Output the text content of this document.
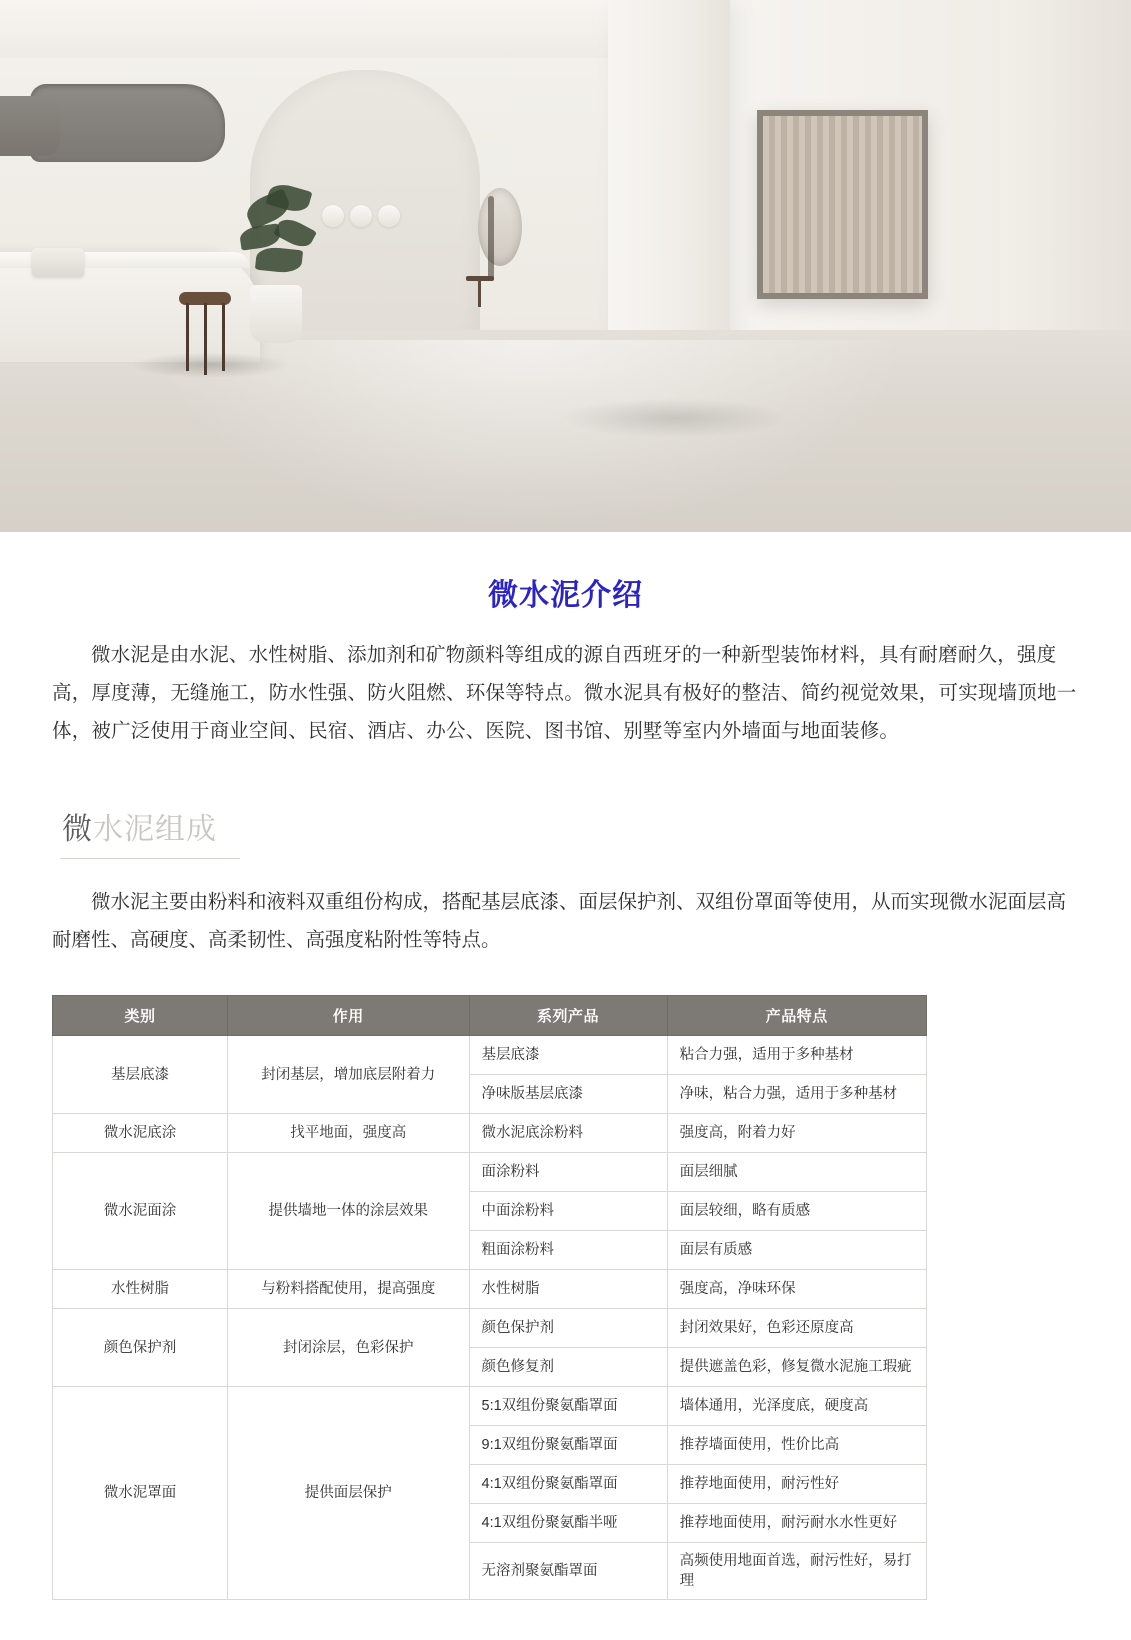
微水泥介绍

微水泥是由水泥、水性树脂、添加剂和矿物颜料等组成的源自西班牙的一种新型装饰材料，具有耐磨耐久，强度高，厚度薄，无缝施工，防水性强、防火阻燃、环保等特点。微水泥具有极好的整洁、简约视觉效果，可实现墙顶地一体，被广泛使用于商业空间、民宿、酒店、办公、医院、图书馆、别墅等室内外墙面与地面装修。

微水泥组成

微水泥主要由粉料和液料双重组份构成，搭配基层底漆、面层保护剂、双组份罩面等使用，从而实现微水泥面层高耐磨性、高硬度、高柔韧性、高强度粘附性等特点。

类别	作用	系列产品	产品特点
基层底漆	封闭基层，增加底层附着力	基层底漆	粘合力强，适用于多种基材
		净味版基层底漆	净味，粘合力强，适用于多种基材
微水泥底涂	找平地面，强度高	微水泥底涂粉料	强度高，附着力好
微水泥面涂	提供墙地一体的涂层效果	面涂粉料	面层细腻
		中面涂粉料	面层较细，略有质感
		粗面涂粉料	面层有质感
水性树脂	与粉料搭配使用，提高强度	水性树脂	强度高，净味环保
颜色保护剂	封闭涂层，色彩保护	颜色保护剂	封闭效果好，色彩还原度高
		颜色修复剂	提供遮盖色彩，修复微水泥施工瑕疵
微水泥罩面	提供面层保护	5:1双组份聚氨酯罩面	墙体通用，光泽度底，硬度高
		9:1双组份聚氨酯罩面	推荐墙面使用，性价比高
		4:1双组份聚氨酯罩面	推荐地面使用，耐污性好
		4:1双组份聚氨酯半哑	推荐地面使用，耐污耐水水性更好
		无溶剂聚氨酯罩面	高频使用地面首选，耐污性好，易打理
